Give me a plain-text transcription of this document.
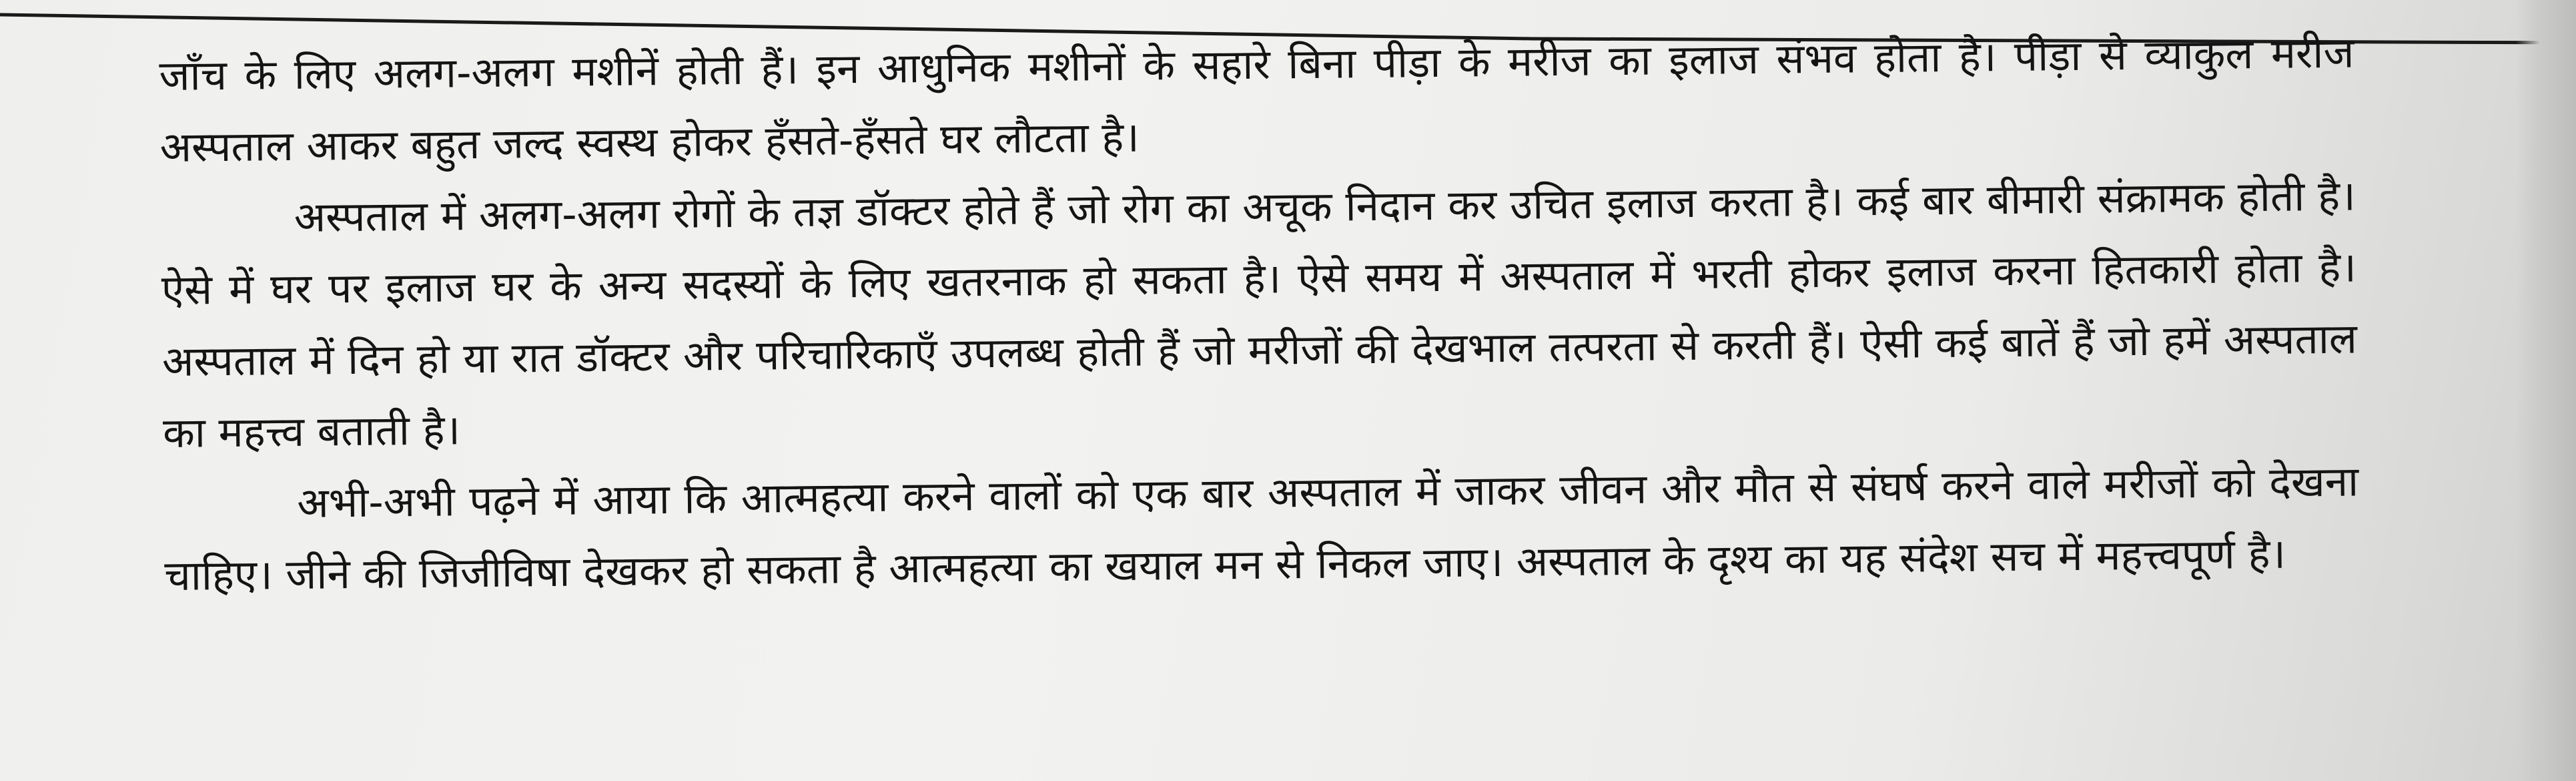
जाँच के लिए अलग-अलग मशीनें होती हैं। इन आधुनिक मशीनों के सहारे बिना पीड़ा के मरीज का इलाज संभव होता है। पीड़ा से व्याकुल मरीज अस्पताल आकर बहुत जल्द स्वस्थ होकर हँसते-हँसते घर लौटता है।

अस्पताल में अलग-अलग रोगों के तज्ञ डॉक्टर होते हैं जो रोग का अचूक निदान कर उचित इलाज करता है। कई बार बीमारी संक्रामक होती है। ऐसे में घर पर इलाज घर के अन्य सदस्यों के लिए खतरनाक हो सकता है। ऐसे समय में अस्पताल में भरती होकर इलाज करना हितकारी होता है। अस्पताल में दिन हो या रात डॉक्टर और परिचारिकाएँ उपलब्ध होती हैं जो मरीजों की देखभाल तत्परता से करती हैं। ऐसी कई बातें हैं जो हमें अस्पताल का महत्त्व बताती है।

अभी-अभी पढ़ने में आया कि आत्महत्या करने वालों को एक बार अस्पताल में जाकर जीवन और मौत से संघर्ष करने वाले मरीजों को देखना चाहिए। जीने की जिजीविषा देखकर हो सकता है आत्महत्या का खयाल मन से निकल जाए। अस्पताल के दृश्य का यह संदेश सच में महत्त्वपूर्ण है।
